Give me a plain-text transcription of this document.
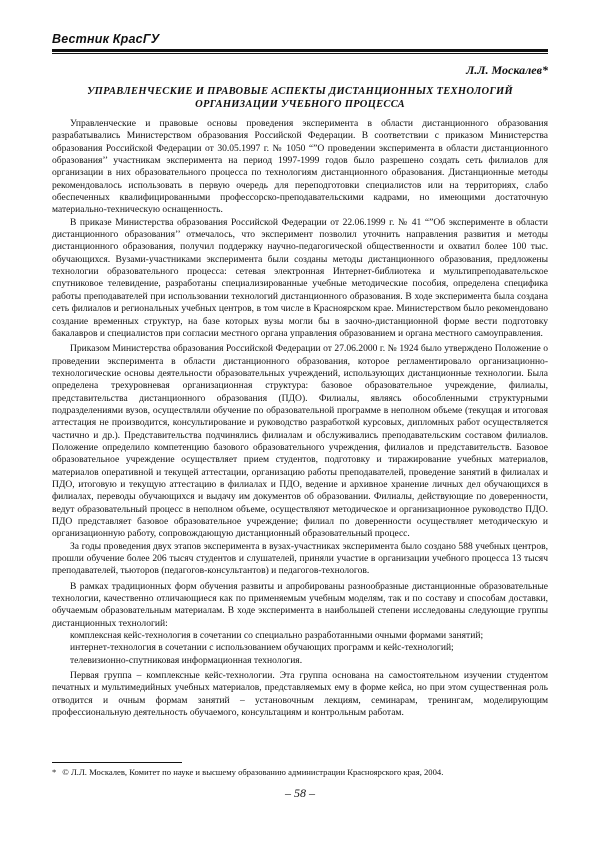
Вестник КрасГУ
Л.Л. Москалев*
УПРАВЛЕНЧЕСКИЕ И ПРАВОВЫЕ АСПЕКТЫ ДИСТАНЦИОННЫХ ТЕХНОЛОГИЙ ОРГАНИЗАЦИИ УЧЕБНОГО ПРОЦЕССА

Управленческие и правовые основы проведения эксперимента в области дистанционного образования разрабатывались Министерством образования Российской Федерации. В соответствии с приказом Министерства образования Российской Федерации от 30.05.1997 г. № 1050 “”О проведении эксперимента в области дистанционного образования’’ участникам эксперимента на период 1997-1999 годов было разрешено создать сеть филиалов для организации в них образовательного процесса по технологиям дистанционного образования. Дистанционные методы рекомендовалось использовать в первую очередь для переподготовки специалистов или на территориях, слабо обеспеченных квалифицированными профессорско-преподавательскими кадрами, но имеющими достаточную материально-техническую оснащенность.

В приказе Министерства образования Российской Федерации от 22.06.1999 г. № 41 “”Об эксперименте в области дистанционного образования’’ отмечалось, что эксперимент позволил уточнить направления развития и методы дистанционного образования, получил поддержку научно-педагогической общественности и охватил более 100 тыс. обучающихся. Вузами-участниками эксперимента были созданы методы дистанционного образования, предложены технологии образовательного процесса: сетевая электронная Интернет-библиотека и мультипреподавательское спутниковое телевидение, разработаны специализированные учебные методические пособия, определена специфика работы преподавателей при использовании технологий дистанционного образования. В ходе эксперимента была создана сеть филиалов и региональных учебных центров, в том числе в Красноярском крае. Министерством было рекомендовано создание временных структур, на базе которых вузы могли бы в заочно-дистанционной форме вести подготовку бакалавров и специалистов при согласии местного органа управления образованием и органа местного самоуправления.

Приказом Министерства образования Российской Федерации от 27.06.2000 г. № 1924 было утверждено Положение о проведении эксперимента в области дистанционного образования, которое регламентировало организационно-технологические основы деятельности образовательных учреждений, использующих дистанционные технологии. Была определена трехуровневая организационная структура: базовое образовательное учреждение, филиалы, представительства дистанционного образования (ПДО). Филиалы, являясь обособленными структурными подразделениями вузов, осуществляли обучение по образовательной программе в неполном объеме (текущая и итоговая аттестация не производится, консультирование и руководство разработкой курсовых, дипломных работ осуществляется частично и др.). Представительства подчинялись филиалам и обслуживались преподавательским составом филиалов. Положение определило компетенцию базового образовательного учреждения, филиалов и представительств. Базовое образовательное учреждение осуществляет прием студентов, подготовку и тиражирование учебных материалов, материалов оперативной и текущей аттестации, организацию работы преподавателей, проведение занятий в филиалах и ПДО, итоговую и текущую аттестацию в филиалах и ПДО, ведение и архивное хранение личных дел обучающихся в филиалах, переводы обучающихся и выдачу им документов об образовании. Филиалы, действующие по доверенности, ведут образовательный процесс в неполном объеме, осуществляют методическое и организационное руководство ПДО. ПДО представляет базовое образовательное учреждение; филиал по доверенности осуществляет методическую и организационную работу, сопровождающую дистанционный образовательный процесс.

За годы проведения двух этапов эксперимента в вузах-участниках эксперимента было создано 588 учебных центров, прошли обучение более 206 тысяч студентов и слушателей, приняли участие в организации учебного процесса 13 тысяч преподавателей, тьюторов (педагогов-консультантов) и педагогов-технологов.

В рамках традиционных форм обучения развиты и апробированы разнообразные дистанционные образовательные технологии, качественно отличающиеся как по применяемым учебным моделям, так и по составу и способам доставки, обучаемым образовательным материалам. В ходе эксперимента в наибольшей степени исследованы следующие группы дистанционных технологий:

комплексная кейс-технология в сочетании со специально разработанными очными формами занятий;

интернет-технология в сочетании с использованием обучающих программ и кейс-технологий;

телевизионно-спутниковая информационная технология.

Первая группа – комплексные кейс-технологии. Эта группа основана на самостоятельном изучении студентом печатных и мультимедийных учебных материалов, представляемых ему в форме кейса, но при этом существенная роль отводится и очным формам занятий – установочным лекциям, семинарам, тренингам, моделирующим профессиональную деятельность обучаемого, консультациям и контрольным работам.

* © Л.Л. Москалев, Комитет по науке и высшему образованию администрации Красноярского края, 2004.
– 58 –
